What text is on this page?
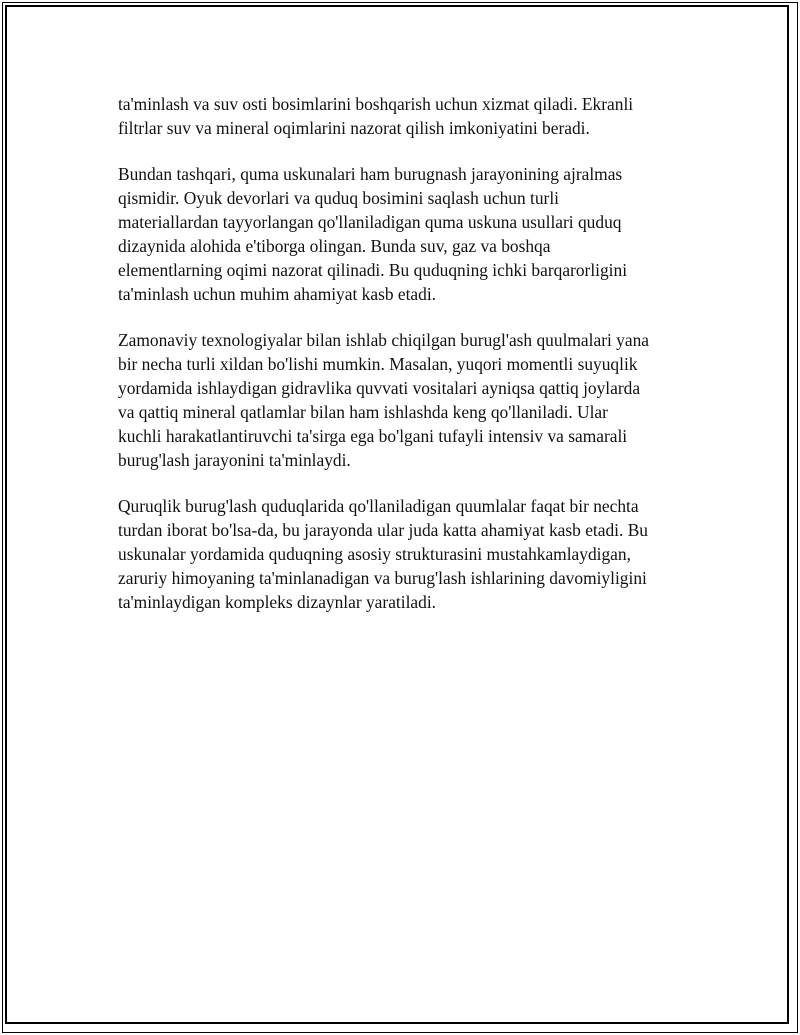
ta'minlash va suv osti bosimlarini boshqarish uchun xizmat qiladi. Ekranli
filtrlar suv va mineral oqimlarini nazorat qilish imkoniyatini beradi.

Bundan tashqari, quma uskunalari ham burugnash jarayonining ajralmas
qismidir. Oyuk devorlari va quduq bosimini saqlash uchun turli
materiallardan tayyorlangan qo'llaniladigan quma uskuna usullari quduq
dizaynida alohida e'tiborga olingan. Bunda suv, gaz va boshqa
elementlarning oqimi nazorat qilinadi. Bu quduqning ichki barqarorligini
ta'minlash uchun muhim ahamiyat kasb etadi.

Zamonaviy texnologiyalar bilan ishlab chiqilgan burugl'ash quulmalari yana
bir necha turli xildan bo'lishi mumkin. Masalan, yuqori momentli suyuqlik
yordamida ishlaydigan gidravlika quvvati vositalari ayniqsa qattiq joylarda
va qattiq mineral qatlamlar bilan ham ishlashda keng qo'llaniladi. Ular
kuchli harakatlantiruvchi ta'sirga ega bo'lgani tufayli intensiv va samarali
burug'lash jarayonini ta'minlaydi.

Quruqlik burug'lash quduqlarida qo'llaniladigan quumlalar faqat bir nechta
turdan iborat bo'lsa-da, bu jarayonda ular juda katta ahamiyat kasb etadi. Bu
uskunalar yordamida quduqning asosiy strukturasini mustahkamlaydigan,
zaruriy himoyaning ta'minlanadigan va burug'lash ishlarining davomiyligini
ta'minlaydigan kompleks dizaynlar yaratiladi.
